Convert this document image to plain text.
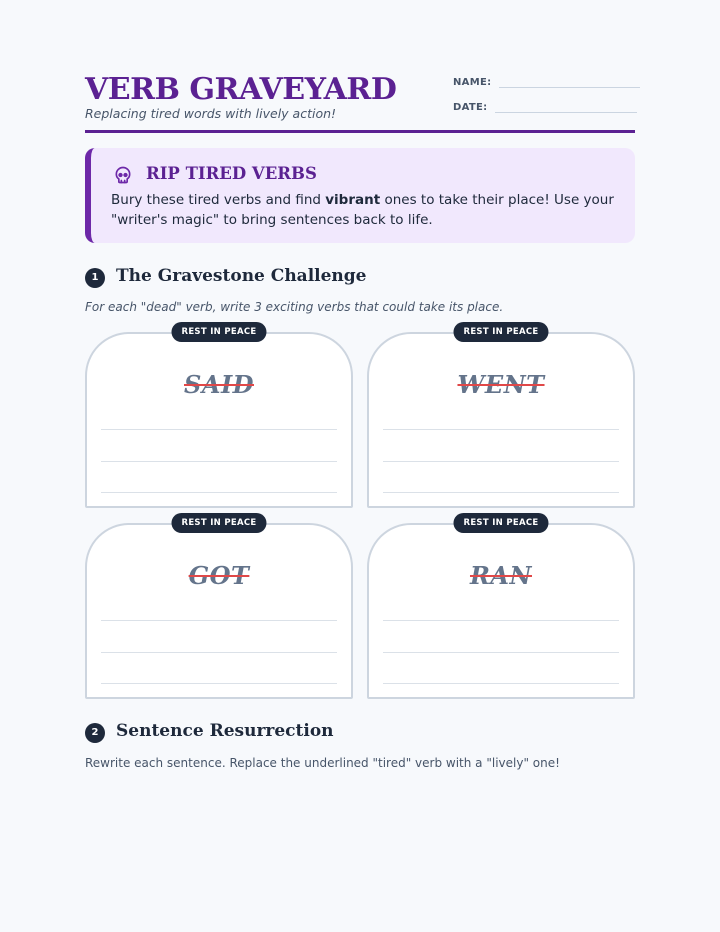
VERB GRAVEYARD
Replacing tired words with lively action!
NAME:
DATE:
RIP TIRED VERBS
Bury these tired verbs and find vibrant ones to take their place! Use your "writer's magic" to bring sentences back to life.
1	The Gravestone Challenge
For each "dead" verb, write 3 exciting verbs that could take its place.
REST IN PEACE
SAID
REST IN PEACE
WENT
REST IN PEACE
GOT
REST IN PEACE
RAN
2	Sentence Resurrection
Rewrite each sentence. Replace the underlined "tired" verb with a "lively" one!
